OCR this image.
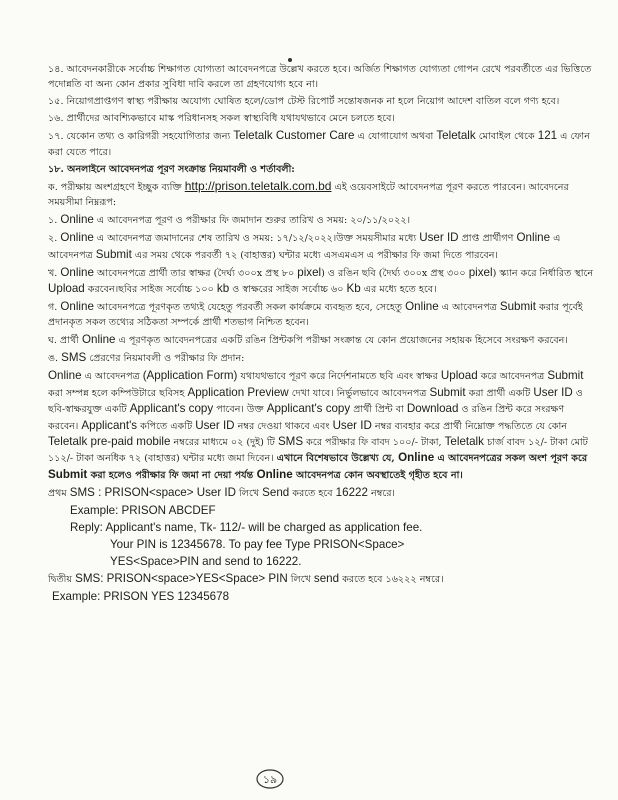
১৪. আবেদনকারীকে সর্বোচ্চ শিক্ষাগত যোগ্যতা আবেদনপত্রে উল্লেখ করতে হবে। অর্জিত শিক্ষাগত যোগ্যতা গোপন রেখে পরবর্তীতে এর ভিত্তিতে পদোন্নতি বা অন্য কোন প্রকার সুবিধা দাবি করলে তা গ্রহণযোগ্য হবে না।

১৫. নিয়োগপ্রাপ্তগণ স্বাস্থ্য পরীক্ষায় অযোগ্য ঘোষিত হলে/ডোপ টেস্ট রিপোর্ট সন্তোষজনক না হলে নিয়োগ আদেশ বাতিল বলে গণ্য হবে।

১৬. প্রার্থীদের আবশ্যিকভাবে মাস্ক পরিধানসহ সকল স্বাস্থ্যবিধি যথাযথভাবে মেনে চলতে হবে।

১৭. যেকোন তথ্য ও কারিগরী সহযোগিতার জন্য Teletalk Customer Care এ যোগাযোগ অথবা Teletalk মোবাইল থেকে 121 এ ফোন করা যেতে পারে।

১৮. অনলাইনে আবেদনপত্র পূরণ সংক্রান্ত নিয়মাবলী ও শর্তাবলী:

ক. পরীক্ষায় অংশগ্রহণে ইচ্ছুক ব্যক্তি http://prison.teletalk.com.bd এই ওয়েবসাইটে আবেদনপত্র পূরণ করতে পারবেন। আবেদনের সময়সীমা নিম্নরূপ:

১. Online এ আবেদনপত্র পূরণ ও পরীক্ষার ফি জমাদান শুরুর তারিখ ও সময়: ২০/১১/২০২২।

২. Online এ আবেদনপত্র জমাদানের শেষ তারিখ ও সময়: ১৭/১২/২০২২।উক্ত সময়সীমার মধ্যে User ID প্রাপ্ত প্রার্থীগণ Online এ আবেদনপত্র Submit এর সময় থেকে পরবর্তী ৭২ (বাহাত্তর) ঘন্টার মধ্যে এসএমএস এ পরীক্ষার ফি জমা দিতে পারবেন।

খ. Online আবেদনপত্রে প্রার্থী তার স্বাক্ষর (দৈর্ঘ্য ৩০০x প্রস্থ ৮০ pixel) ও রঙিন ছবি (দৈর্ঘ্য ৩০০x প্রস্থ ৩০০ pixel) স্ক্যান করে নির্ধারিত স্থানে Upload করবেন।ছবির সাইজ সর্বোচ্চ ১০০ kb ও স্বাক্ষরের সাইজ সর্বোচ্চ ৬০ Kb এর মধ্যে হতে হবে।

গ. Online আবেদনপত্রে পূরণকৃত তথ্যই যেহেতু পরবর্তী সকল কার্যক্রমে ব্যবহৃত হবে, সেহেতু Online এ আবেদনপত্র Submit করার পূর্বেই প্রদানকৃত সকল তথ্যের সঠিকতা সম্পর্কে প্রার্থী শতভাগ নিশ্চিত হবেন।

ঘ. প্রার্থী Online এ পূরণকৃত আবেদনপত্রের একটি রঙিন প্রিন্টকপি পরীক্ষা সংক্রান্ত যে কোন প্রয়োজনের সহায়ক হিসেবে সংরক্ষণ করবেন।

ঙ. SMS প্রেরণের নিয়মাবলী ও পরীক্ষার ফি প্রদান:

Online এ আবেদনপত্র (Application Form) যথাযথভাবে পূরণ করে নির্দেশনামতে ছবি এবং স্বাক্ষর Upload করে আবেদনপত্র Submit করা সম্পন্ন হলে কম্পিউটারে ছবিসহ Application Preview দেখা যাবে। নির্ভুলভাবে আবেদনপত্র Submit করা প্রার্থী একটি User ID ও ছবি-স্বাক্ষরযুক্ত একটি Applicant's copy পাবেন। উক্ত Applicant's copy প্রার্থী প্রিন্ট বা Download ও রঙিন প্রিন্ট করে সংরক্ষণ করবেন। Applicant's কপিতে একটি User ID নম্বর দেওয়া থাকবে এবং User ID নম্বর ব্যবহার করে প্রার্থী নিম্নোক্ত পদ্ধতিতে যে কোন Teletalk pre-paid mobile নম্বরের মাধ্যমে ০২ (দুই) টি SMS করে পরীক্ষার ফি বাবদ ১০০/- টাকা, Teletalk চার্জ বাবদ ১২/- টাকা মোট ১১২/- টাকা অনধিক ৭২ (বাহাত্তর) ঘন্টার মধ্যে জমা দিবেন। এখানে বিশেষভাবে উল্লেখ্য যে, Online এ আবেদনপত্রের সকল অংশ পূরণ করে Submit করা হলেও পরীক্ষার ফি জমা না দেয়া পর্যন্ত Online আবেদনপত্র কোন অবস্থাতেই গৃহীত হবে না।

প্রথম SMS : PRISON<space> User ID লিখে Send করতে হবে 16222 নম্বরে।

Example: PRISON ABCDEF

Reply: Applicant's name, Tk- 112/- will be charged as application fee.

Your PIN is 12345678. To pay fee Type PRISON<Space>

YES<Space>PIN and send to 16222.

দ্বিতীয় SMS: PRISON<space>YES<Space> PIN লিখে send করতে হবে ১৬২২২ নম্বরে।

Example: PRISON YES 12345678

১৯
